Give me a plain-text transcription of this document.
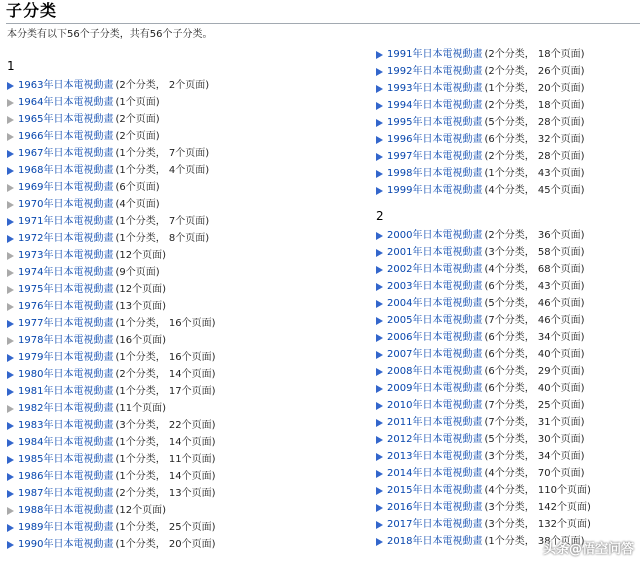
子分类
本分类有以下56个子分类，共有56个子分类。
1
1963年日本電視動畫 (2个分类， 2个页面)
1964年日本電視動畫 (1个页面)
1965年日本電視動畫 (2个页面)
1966年日本電視動畫 (2个页面)
1967年日本電視動畫 (1个分类， 7个页面)
1968年日本電視動畫 (1个分类， 4个页面)
1969年日本電視動畫 (6个页面)
1970年日本電視動畫 (4个页面)
1971年日本電視動畫 (1个分类， 7个页面)
1972年日本電視動畫 (1个分类， 8个页面)
1973年日本電視動畫 (12个页面)
1974年日本電視動畫 (9个页面)
1975年日本電視動畫 (12个页面)
1976年日本電視動畫 (13个页面)
1977年日本電視動畫 (1个分类， 16个页面)
1978年日本電視動畫 (16个页面)
1979年日本電視動畫 (1个分类， 16个页面)
1980年日本電視動畫 (2个分类， 14个页面)
1981年日本電視動畫 (1个分类， 17个页面)
1982年日本電視動畫 (11个页面)
1983年日本電視動畫 (3个分类， 22个页面)
1984年日本電視動畫 (1个分类， 14个页面)
1985年日本電視動畫 (1个分类， 11个页面)
1986年日本電視動畫 (1个分类， 14个页面)
1987年日本電視動畫 (2个分类， 13个页面)
1988年日本電視動畫 (12个页面)
1989年日本電視動畫 (1个分类， 25个页面)
1990年日本電視動畫 (1个分类， 20个页面)
1991年日本電視動畫 (2个分类， 18个页面)
1992年日本電視動畫 (2个分类， 26个页面)
1993年日本電視動畫 (1个分类， 20个页面)
1994年日本電視動畫 (2个分类， 18个页面)
1995年日本電視動畫 (5个分类， 28个页面)
1996年日本電視動畫 (6个分类， 32个页面)
1997年日本電視動畫 (2个分类， 28个页面)
1998年日本電視動畫 (1个分类， 43个页面)
1999年日本電視動畫 (4个分类， 45个页面)
2
2000年日本電視動畫 (2个分类， 36个页面)
2001年日本電視動畫 (3个分类， 58个页面)
2002年日本電視動畫 (4个分类， 68个页面)
2003年日本電視動畫 (6个分类， 43个页面)
2004年日本電視動畫 (5个分类， 46个页面)
2005年日本電視動畫 (7个分类， 46个页面)
2006年日本電視動畫 (6个分类， 34个页面)
2007年日本電視動畫 (6个分类， 40个页面)
2008年日本電視動畫 (6个分类， 29个页面)
2009年日本電視動畫 (6个分类， 40个页面)
2010年日本電視動畫 (7个分类， 25个页面)
2011年日本電視動畫 (7个分类， 31个页面)
2012年日本電視動畫 (5个分类， 30个页面)
2013年日本電視動畫 (3个分类， 34个页面)
2014年日本電視動畫 (4个分类， 70个页面)
2015年日本電視動畫 (4个分类， 110个页面)
2016年日本電視動畫 (3个分类， 142个页面)
2017年日本電視動畫 (3个分类， 132个页面)
2018年日本電視動畫 (1个分类， 38个页面)
头条@悟空问答
